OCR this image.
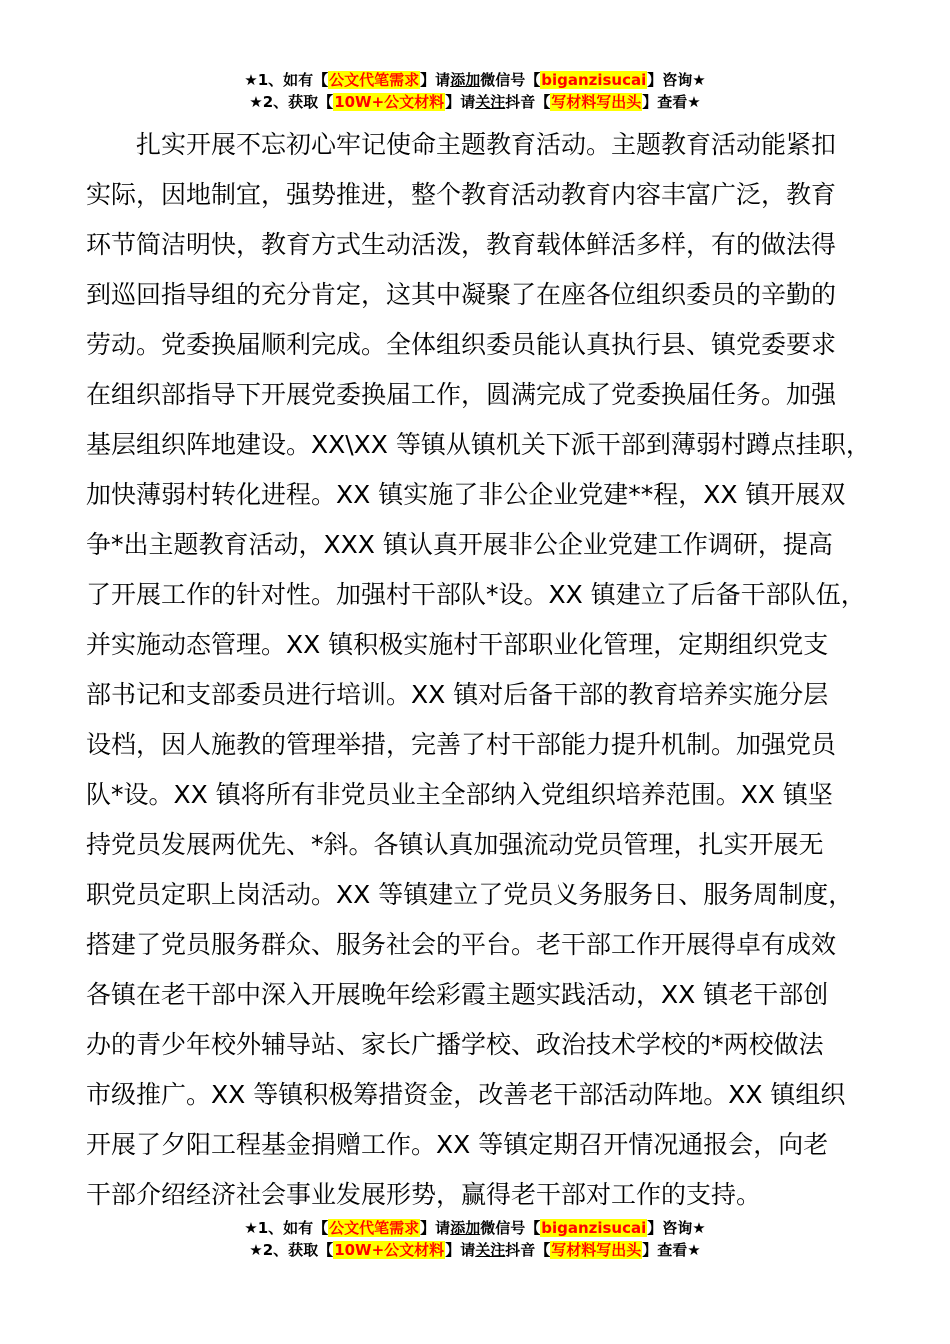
★1、如有【公文代笔需求】请添加微信号【biganzisucai】咨询★
★2、获取【10W+公文材料】请关注抖音【写材料写出头】查看★
扎实开展不忘初心牢记使命主题教育活动。主题教育活动能紧扣
实际，因地制宜，强势推进，整个教育活动教育内容丰富广泛，教育
环节简洁明快，教育方式生动活泼，教育载体鲜活多样，有的做法得
到巡回指导组的充分肯定，这其中凝聚了在座各位组织委员的辛勤的
劳动。党委换届顺利完成。全体组织委员能认真执行县、镇党委要求
在组织部指导下开展党委换届工作，圆满完成了党委换届任务。加强
基层组织阵地建设。XX\XX 等镇从镇机关下派干部到薄弱村蹲点挂职，
加快薄弱村转化进程。XX 镇实施了非公企业党建**程，XX 镇开展双
争*出主题教育活动，XXX 镇认真开展非公企业党建工作调研，提高
了开展工作的针对性。加强村干部队*设。XX 镇建立了后备干部队伍，
并实施动态管理。XX 镇积极实施村干部职业化管理，定期组织党支
部书记和支部委员进行培训。XX 镇对后备干部的教育培养实施分层
设档，因人施教的管理举措，完善了村干部能力提升机制。加强党员
队*设。XX 镇将所有非党员业主全部纳入党组织培养范围。XX 镇坚
持党员发展两优先、*斜。各镇认真加强流动党员管理，扎实开展无
职党员定职上岗活动。XX 等镇建立了党员义务服务日、服务周制度，
搭建了党员服务群众、服务社会的平台。老干部工作开展得卓有成效
各镇在老干部中深入开展晚年绘彩霞主题实践活动，XX 镇老干部创
办的青少年校外辅导站、家长广播学校、政治技术学校的*两校做法
市级推广。XX 等镇积极筹措资金，改善老干部活动阵地。XX 镇组织
开展了夕阳工程基金捐赠工作。XX 等镇定期召开情况通报会，向老
干部介绍经济社会事业发展形势，赢得老干部对工作的支持。
★1、如有【公文代笔需求】请添加微信号【biganzisucai】咨询★
★2、获取【10W+公文材料】请关注抖音【写材料写出头】查看★
